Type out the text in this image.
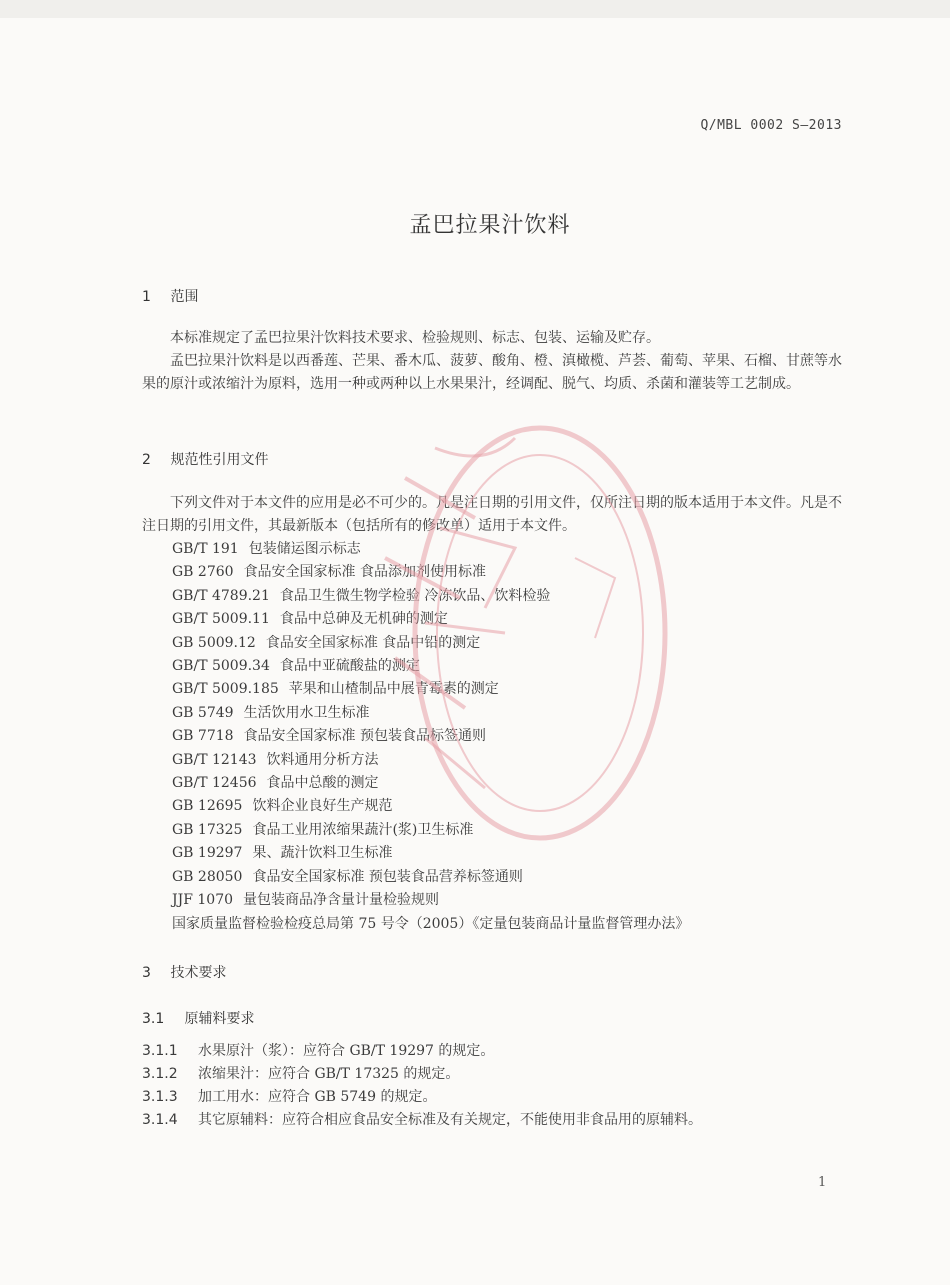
Q/MBL 0002 S—2013
孟巴拉果汁饮料
1 范围

本标准规定了孟巴拉果汁饮料技术要求、检验规则、标志、包装、运输及贮存。

孟巴拉果汁饮料是以西番莲、芒果、番木瓜、菠萝、酸角、橙、滇橄榄、芦荟、葡萄、苹果、石榴、甘蔗等水果的原汁或浓缩汁为原料，选用一种或两种以上水果果汁，经调配、脱气、均质、杀菌和灌装等工艺制成。

2 规范性引用文件

下列文件对于本文件的应用是必不可少的。凡是注日期的引用文件，仅所注日期的版本适用于本文件。凡是不注日期的引用文件，其最新版本（包括所有的修改单）适用于本文件。

GB/T 191 包装储运图示标志
GB 2760 食品安全国家标准 食品添加剂使用标准
GB/T 4789.21 食品卫生微生物学检验 冷冻饮品、饮料检验
GB/T 5009.11 食品中总砷及无机砷的测定
GB 5009.12 食品安全国家标准 食品中铅的测定
GB/T 5009.34 食品中亚硫酸盐的测定
GB/T 5009.185 苹果和山楂制品中展青霉素的测定
GB 5749 生活饮用水卫生标准
GB 7718 食品安全国家标准 预包装食品标签通则
GB/T 12143 饮料通用分析方法
GB/T 12456 食品中总酸的测定
GB 12695 饮料企业良好生产规范
GB 17325 食品工业用浓缩果蔬汁(浆)卫生标准
GB 19297 果、蔬汁饮料卫生标准
GB 28050 食品安全国家标准 预包装食品营养标签通则
JJF 1070 量包装商品净含量计量检验规则
国家质量监督检验检疫总局第 75 号令（2005）《定量包装商品计量监督管理办法》
3 技术要求
3.1 原辅料要求
3.1.1 水果原汁（浆）：应符合 GB/T 19297 的规定。
3.1.2 浓缩果汁：应符合 GB/T 17325 的规定。
3.1.3 加工用水：应符合 GB 5749 的规定。
3.1.4 其它原辅料：应符合相应食品安全标准及有关规定，不能使用非食品用的原辅料。
1
